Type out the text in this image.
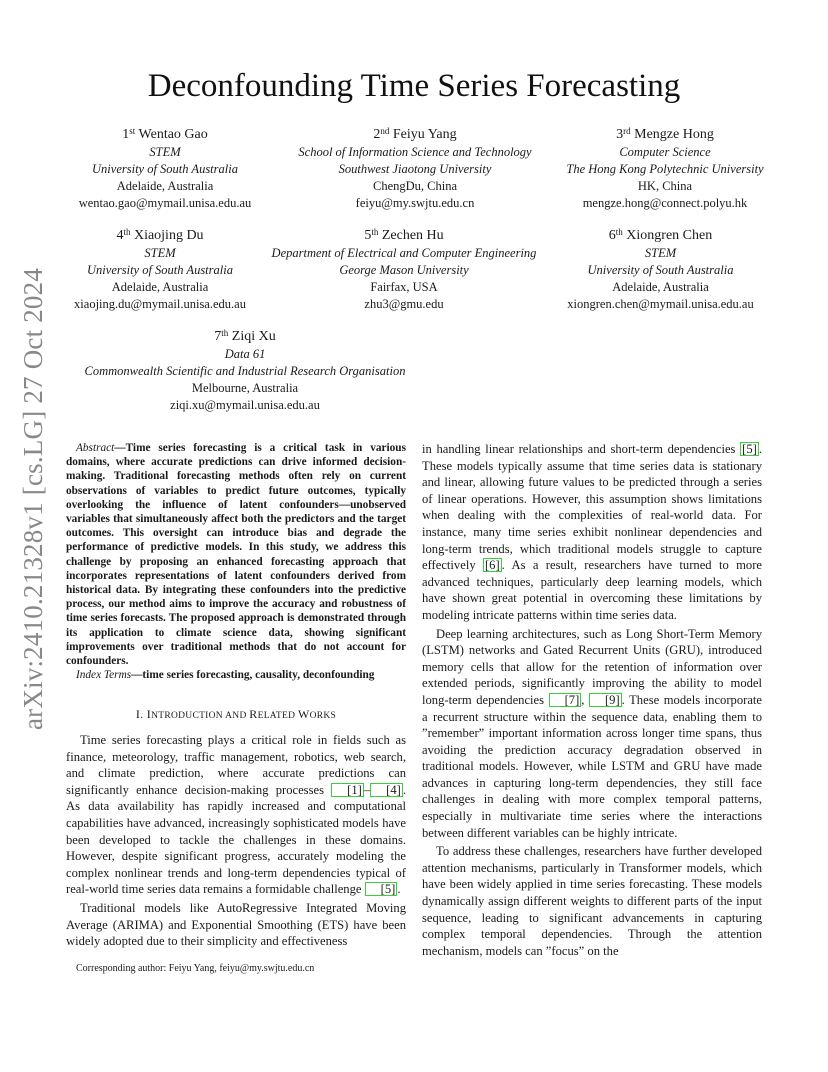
arXiv:2410.21328v1 [cs.LG] 27 Oct 2024
Deconfounding Time Series Forecasting
1st Wentao Gao
STEM
University of South Australia
Adelaide, Australia
wentao.gao@mymail.unisa.edu.au
2nd Feiyu Yang
School of Information Science and Technology
Southwest Jiaotong University
ChengDu, China
feiyu@my.swjtu.edu.cn
3rd Mengze Hong
Computer Science
The Hong Kong Polytechnic University
HK, China
mengze.hong@connect.polyu.hk
4th Xiaojing Du
STEM
University of South Australia
Adelaide, Australia
xiaojing.du@mymail.unisa.edu.au
5th Zechen Hu
Department of Electrical and Computer Engineering
George Mason University
Fairfax, USA
zhu3@gmu.edu
6th Xiongren Chen
STEM
University of South Australia
Adelaide, Australia
xiongren.chen@mymail.unisa.edu.au
7th Ziqi Xu
Data 61
Commonwealth Scientific and Industrial Research Organisation
Melbourne, Australia
ziqi.xu@mymail.unisa.edu.au
Abstract—Time series forecasting is a critical task in various domains, where accurate predictions can drive informed decision-making. Traditional forecasting methods often rely on current observations of variables to predict future outcomes, typically overlooking the influence of latent confounders—unobserved variables that simultaneously affect both the predictors and the target outcomes. This oversight can introduce bias and degrade the performance of predictive models. In this study, we address this challenge by proposing an enhanced forecasting approach that incorporates representations of latent confounders derived from historical data. By integrating these confounders into the predictive process, our method aims to improve the accuracy and robustness of time series forecasts. The proposed approach is demonstrated through its application to climate science data, showing significant improvements over traditional methods that do not account for confounders.
Index Terms—time series forecasting, causality, deconfounding
I. INTRODUCTION AND RELATED WORKS

Time series forecasting plays a critical role in fields such as finance, meteorology, traffic management, robotics, web search, and climate prediction, where accurate predictions can significantly enhance decision-making processes [1] – [4] . As data availability has rapidly increased and computational capabilities have advanced, increasingly sophisticated models have been developed to tackle the challenges in these domains. However, despite significant progress, accurately modeling the complex nonlinear trends and long-term dependencies typical of real-world time series data remains a formidable challenge [5] .

Traditional models like AutoRegressive Integrated Moving Average (ARIMA) and Exponential Smoothing (ETS) have been widely adopted due to their simplicity and effectiveness

Corresponding author: Feiyu Yang, feiyu@my.swjtu.edu.cn

in handling linear relationships and short-term dependencies [5] . These models typically assume that time series data is stationary and linear, allowing future values to be predicted through a series of linear operations. However, this assumption shows limitations when dealing with the complexities of real-world data. For instance, many time series exhibit nonlinear dependencies and long-term trends, which traditional models struggle to capture effectively [6] . As a result, researchers have turned to more advanced techniques, particularly deep learning models, which have shown great potential in overcoming these limitations by modeling intricate patterns within time series data.

Deep learning architectures, such as Long Short-Term Memory (LSTM) networks and Gated Recurrent Units (GRU), introduced memory cells that allow for the retention of information over extended periods, significantly improving the ability to model long-term dependencies [7] , [9] . These models incorporate a recurrent structure within the sequence data, enabling them to ”remember” important information across longer time spans, thus avoiding the prediction accuracy degradation observed in traditional models. However, while LSTM and GRU have made advances in capturing long-term dependencies, they still face challenges in dealing with more complex temporal patterns, especially in multivariate time series where the interactions between different variables can be highly intricate.

To address these challenges, researchers have further developed attention mechanisms, particularly in Transformer models, which have been widely applied in time series forecasting. These models dynamically assign different weights to different parts of the input sequence, leading to significant advancements in capturing complex temporal dependencies. Through the attention mechanism, models can ”focus” on the
